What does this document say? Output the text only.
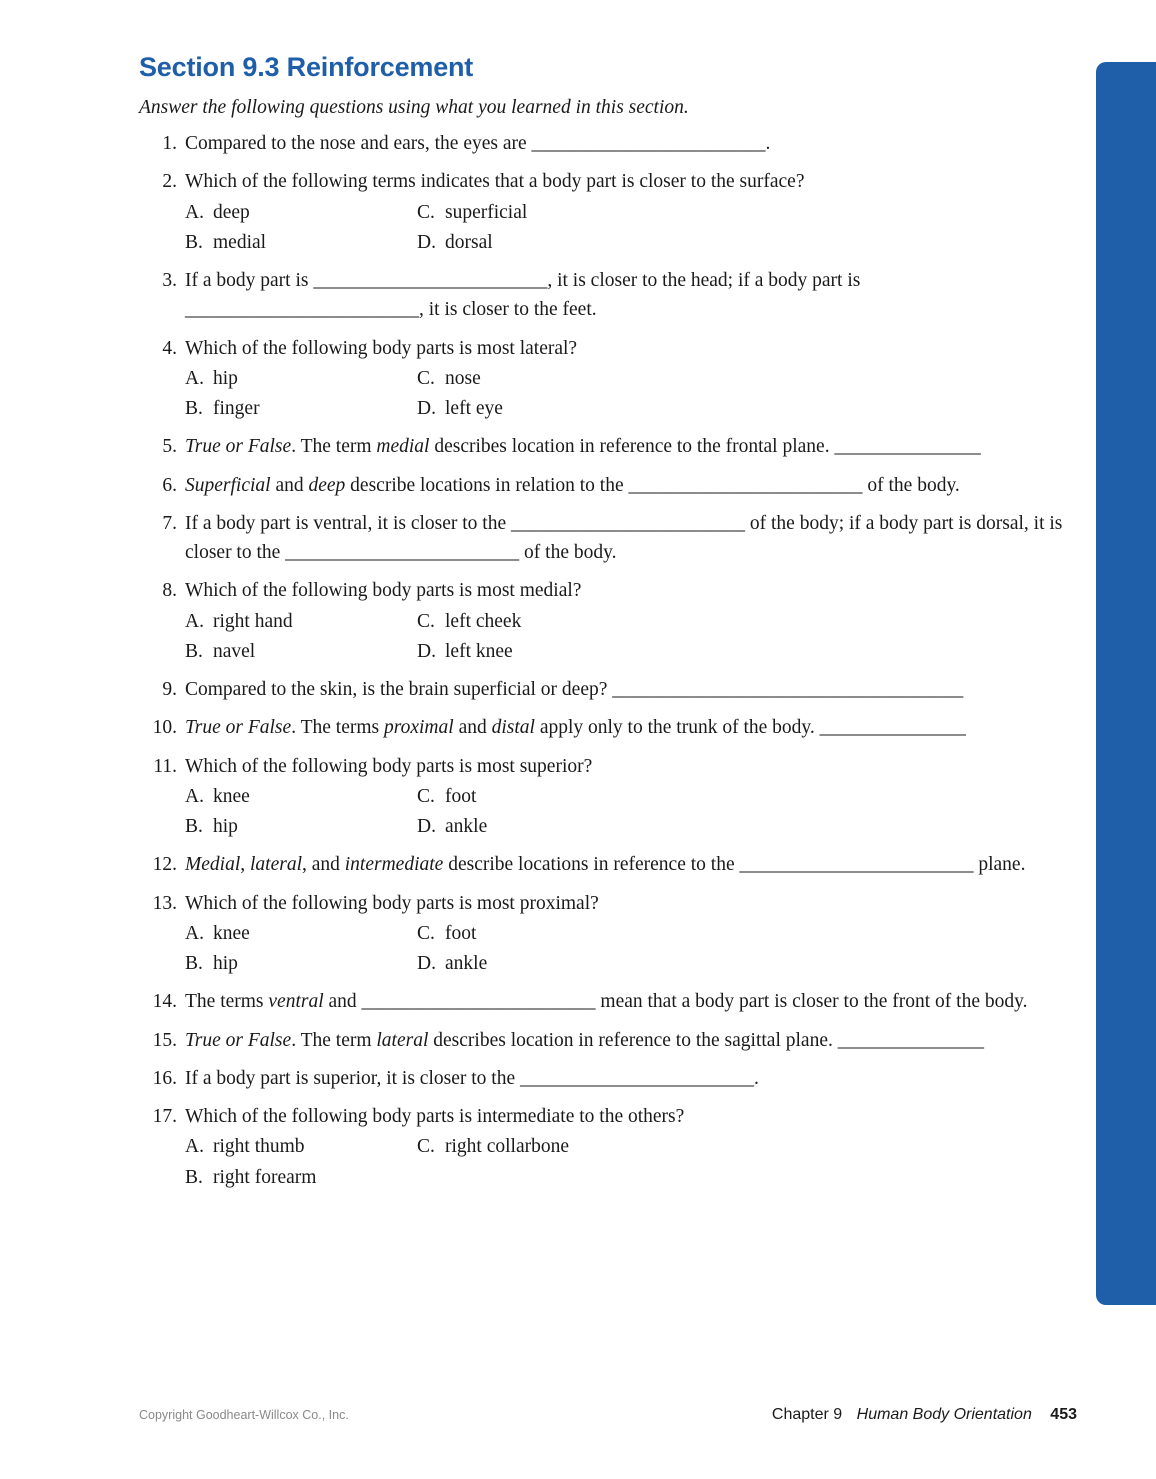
Section 9.3 Reinforcement

Answer the following questions using what you learned in this section.

1. Compared to the nose and ears, the eyes are ________________________.
2. Which of the following terms indicates that a body part is closer to the surface?
A. deep	C. superficial
B. medial	D. dorsal
3. If a body part is ________________________, it is closer to the head; if a body part is ________________________, it is closer to the feet.
4. Which of the following body parts is most lateral?
A. hip	C. nose
B. finger	D. left eye
5. True or False. The term medial describes location in reference to the frontal plane. _______________
6. Superficial and deep describe locations in relation to the ________________________ of the body.
7. If a body part is ventral, it is closer to the ________________________ of the body; if a body part is dorsal, it is closer to the ________________________ of the body.
8. Which of the following body parts is most medial?
A. right hand	C. left cheek
B. navel	D. left knee
9. Compared to the skin, is the brain superficial or deep? ____________________________________
10. True or False. The terms proximal and distal apply only to the trunk of the body. _______________
11. Which of the following body parts is most superior?
A. knee	C. foot
B. hip	D. ankle
12. Medial, lateral, and intermediate describe locations in reference to the ________________________ plane.
13. Which of the following body parts is most proximal?
A. knee	C. foot
B. hip	D. ankle
14. The terms ventral and ________________________ mean that a body part is closer to the front of the body.
15. True or False. The term lateral describes location in reference to the sagittal plane. _______________
16. If a body part is superior, it is closer to the ________________________.
17. Which of the following body parts is intermediate to the others?
A. right thumb	C. right collarbone
B. right forearm
Copyright Goodheart-Willcox Co., Inc.	Chapter 9 Human Body Orientation 453
